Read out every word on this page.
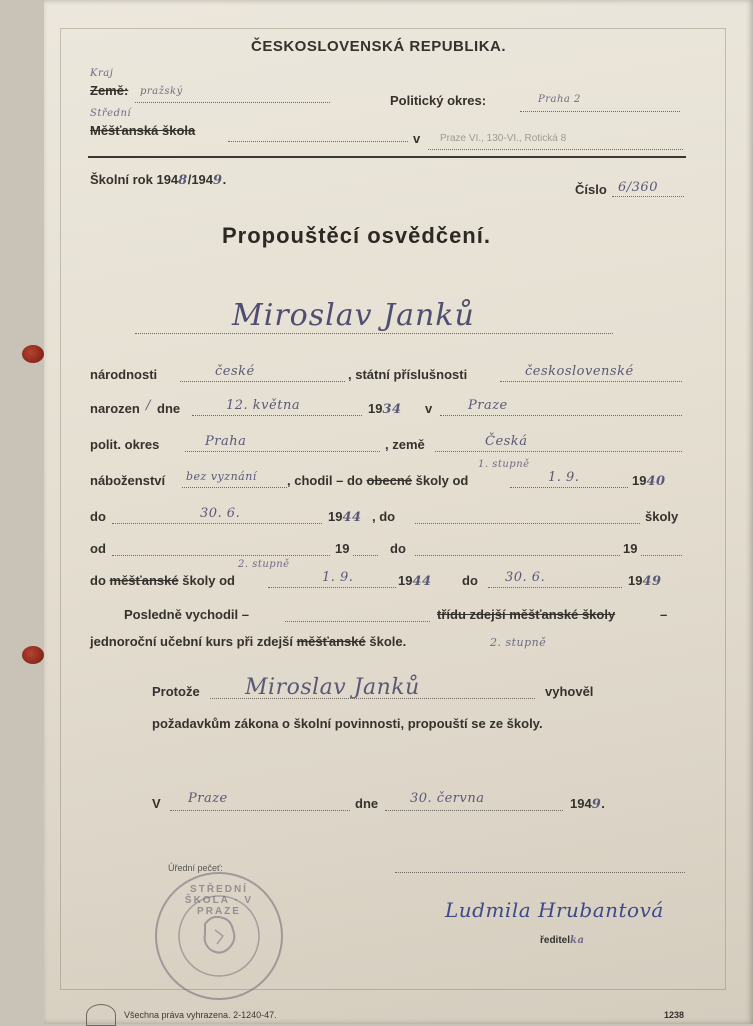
ČESKOSLOVENSKÁ REPUBLIKA.
Kraj
Země: pražský
Politický okres:	Praha 2
Střední
Měšťanská škola
v Praze VI., 130-VI., Rotická 8
Školní rok 1948/1949.
Číslo 6/360
Propouštěcí osvědčení.
Miroslav Janků
národnosti	české	, státní příslušnosti	československé
narozen / dne	12. května	1934 v	Praze
polit. okres	Praha	, země	Česká
náboženství bez vyznání , chodil – do obecné školy od
1. stupně
1. 9.	1940
do	30. 6.	1944 , do	školy
od	19	do	19
do měšťanské školy od
2. stupně
1. 9.	1944 do 30. 6.	1949
Posledně vychodil –	třídu zdejší měšťanské školy	–
jednoroční učební kurs při zdejší měšťanské škole.	2. stupně
Protože Miroslav Janků	vyhověl
požadavkům zákona o školní povinnosti, propouští se ze školy.
V Praze	dne 30. června	1949.
Úřední pečeť:
STŘEDNÍ ŠKOLA · V PRAZE	Ludmila Hrubantová
ředitelka
Všechna práva vyhrazena. 2-1240-47.	1238
